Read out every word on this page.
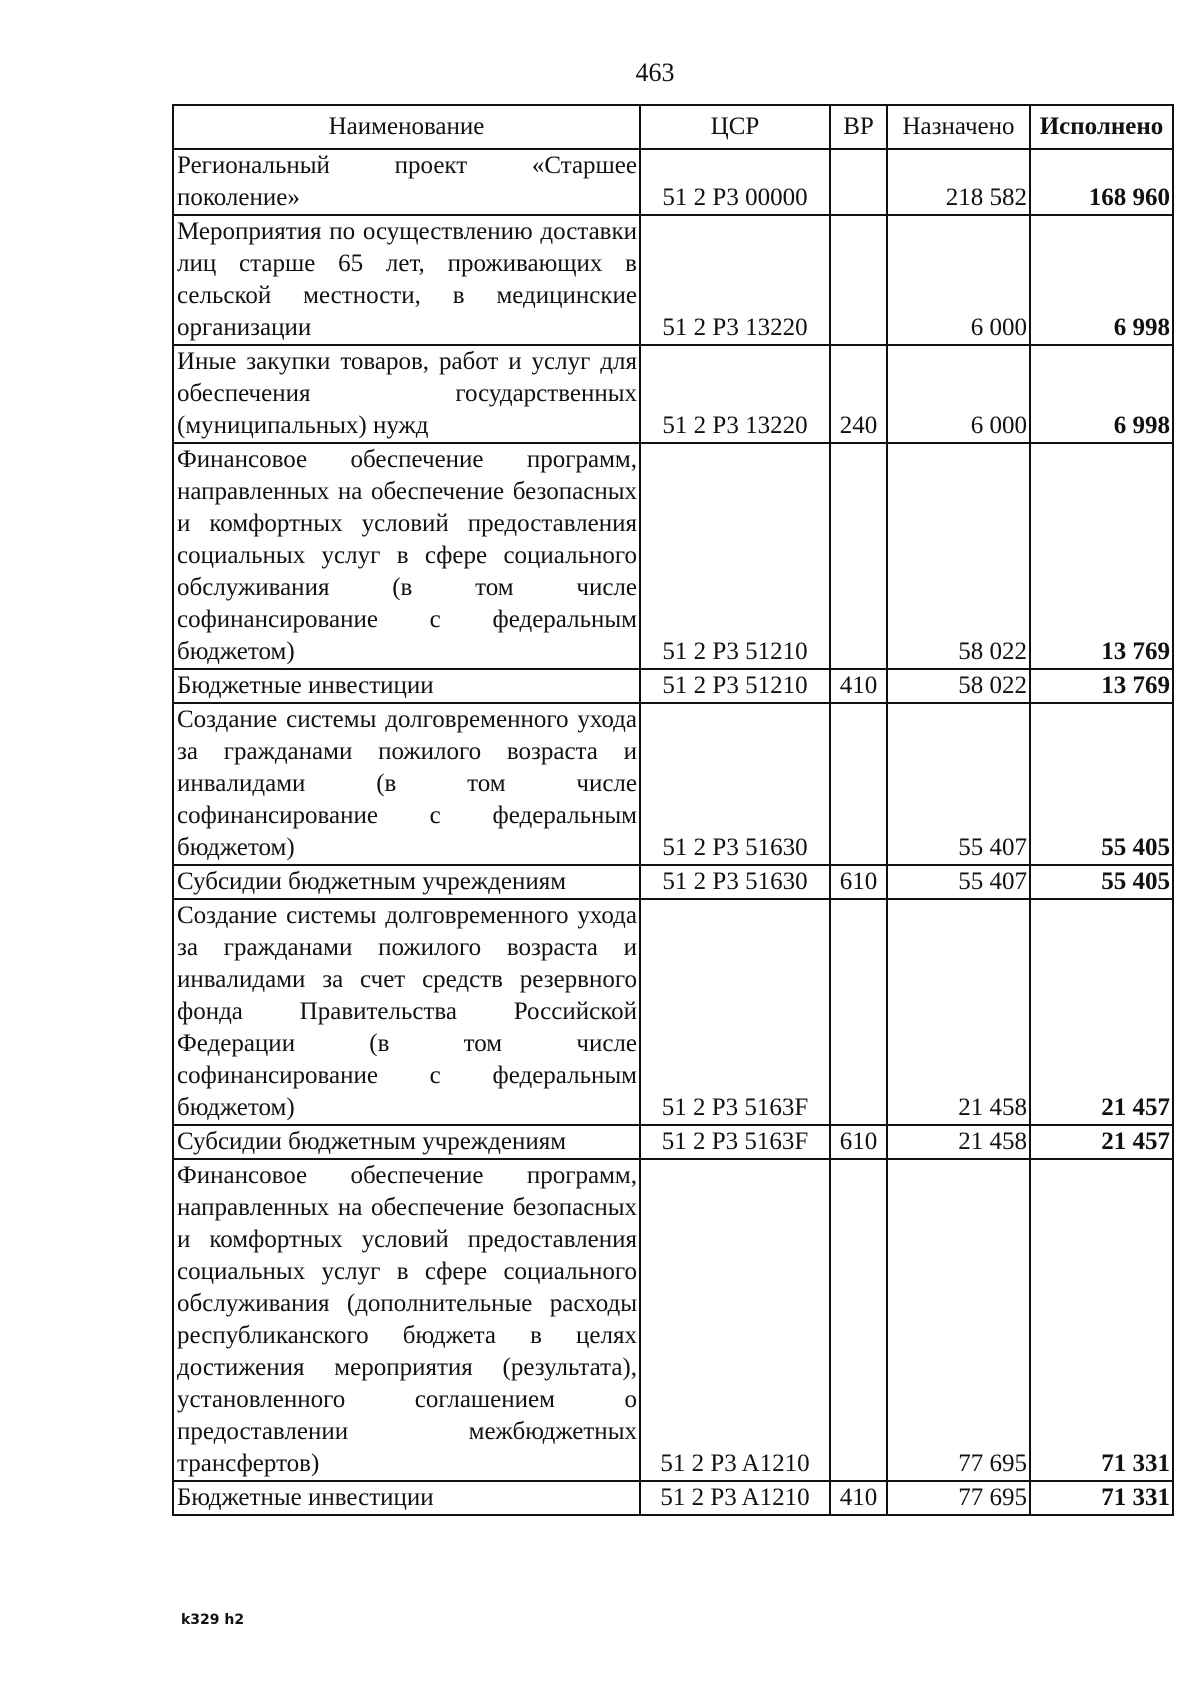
463
Наименование	ЦСР	ВР	Назначено	Исполнено
Региональный проект «Старшее поколение»	51 2 P3 00000		218 582	168 960
Мероприятия по осуществлению доставки лиц старше 65 лет, проживающих в сельской местности, в медицинские организации	51 2 P3 13220		6 000	6 998
Иные закупки товаров, работ и услуг для обеспечения государственных (муниципальных) нужд	51 2 P3 13220	240	6 000	6 998
Финансовое обеспечение программ, направленных на обеспечение безопасных и комфортных условий предоставления социальных услуг в сфере социального обслуживания (в том числе софинансирование с федеральным бюджетом)	51 2 P3 51210		58 022	13 769
Бюджетные инвестиции	51 2 P3 51210	410	58 022	13 769
Создание системы долговременного ухода за гражданами пожилого возраста и инвалидами (в том числе софинансирование с федеральным бюджетом)	51 2 P3 51630		55 407	55 405
Субсидии бюджетным учреждениям	51 2 P3 51630	610	55 407	55 405
Создание системы долговременного ухода за гражданами пожилого возраста и инвалидами за счет средств резервного фонда Правительства Российской Федерации (в том числе софинансирование с федеральным бюджетом)	51 2 P3 5163F		21 458	21 457
Субсидии бюджетным учреждениям	51 2 P3 5163F	610	21 458	21 457
Финансовое обеспечение программ, направленных на обеспечение безопасных и комфортных условий предоставления социальных услуг в сфере социального обслуживания (дополнительные расходы республиканского бюджета в целях достижения мероприятия (результата), установленного соглашением о предоставлении межбюджетных трансфертов)	51 2 P3 A1210		77 695	71 331
Бюджетные инвестиции	51 2 P3 A1210	410	77 695	71 331
k329 h2
